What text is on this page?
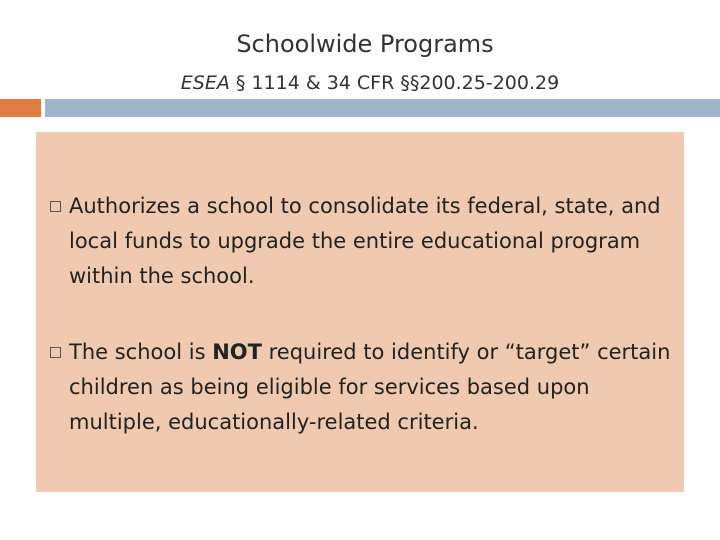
Schoolwide Programs
ESEA § 1114 & 34 CFR §§200.25-200.29
Authorizes a school to consolidate its federal, state, and local funds to upgrade the entire educational program within the school.
The school is NOT required to identify or “target” certain children as being eligible for services based upon multiple, educationally-related criteria.
